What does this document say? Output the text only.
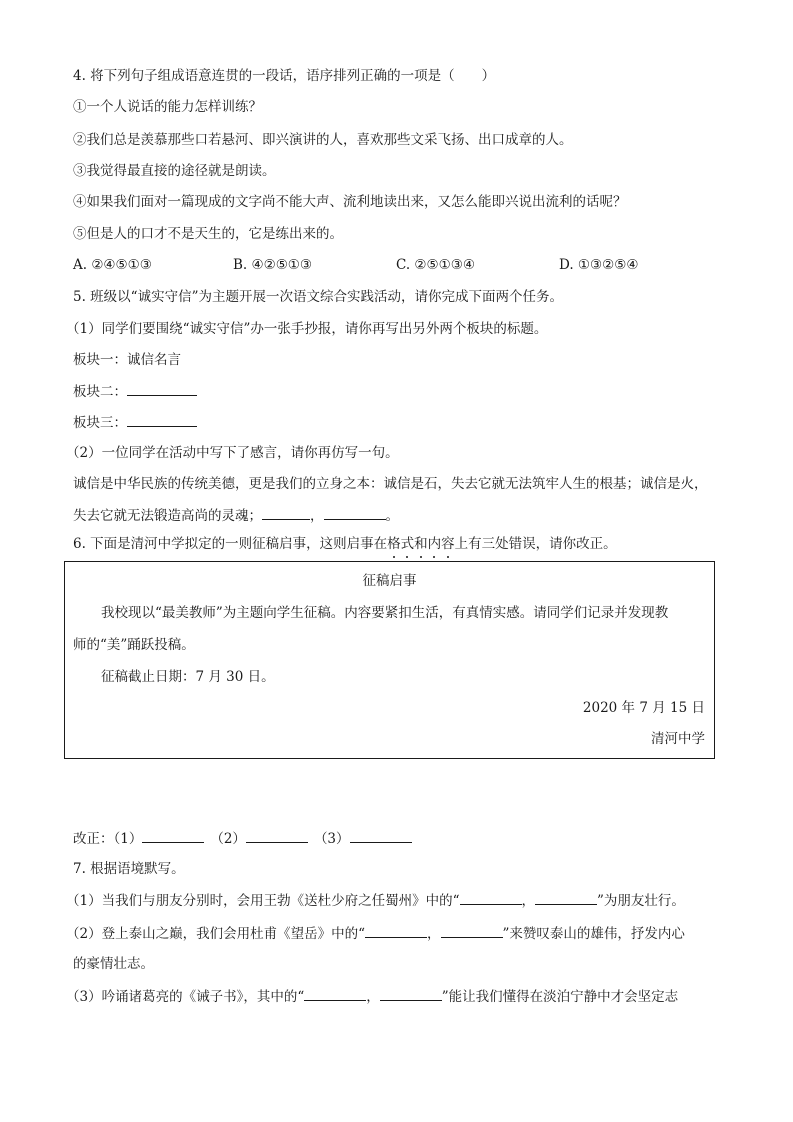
4. 将下列句子组成语意连贯的一段话，语序排列正确的一项是（　　）
①一个人说话的能力怎样训练？
②我们总是羡慕那些口若悬河、即兴演讲的人，喜欢那些文采飞扬、出口成章的人。
③我觉得最直接的途径就是朗读。
④如果我们面对一篇现成的文字尚不能大声、流利地读出来，又怎么能即兴说出流利的话呢？
⑤但是人的口才不是天生的，它是练出来的。
A. ②④⑤①③	B. ④②⑤①③	C. ②⑤①③④	D. ①③②⑤④
5. 班级以“诚实守信”为主题开展一次语文综合实践活动，请你完成下面两个任务。
（1）同学们要围绕“诚实守信”办一张手抄报，请你再写出另外两个板块的标题。
板块一：诚信名言
板块二：
板块三：
（2）一位同学在活动中写下了感言，请你再仿写一句。
诚信是中华民族的传统美德，更是我们的立身之本：诚信是石，失去它就无法筑牢人生的根基；诚信是火，
失去它就无法锻造高尚的灵魂；	，	。
6. 下面是清河中学拟定的一则征稿启事，这则启事在格式和内容上有三处错误，请你改正。
征稿启事
我校现以“最美教师”为主题向学生征稿。内容要紧扣生活，有真情实感。请同学们记录并发现教
师的“美”踊跃投稿。
征稿截止日期：7 月 30 日。
2020 年 7 月 15 日
清河中学
改正：（1）	（2）	（3）
7. 根据语境默写。
（1）当我们与朋友分别时，会用王勃《送杜少府之任蜀州》中的“	，	”为朋友壮行。
（2）登上泰山之巅，我们会用杜甫《望岳》中的“	，	”来赞叹泰山的雄伟，抒发内心
的豪情壮志。
（3）吟诵诸葛亮的《诫子书》，其中的“	，	”能让我们懂得在淡泊宁静中才会坚定志
